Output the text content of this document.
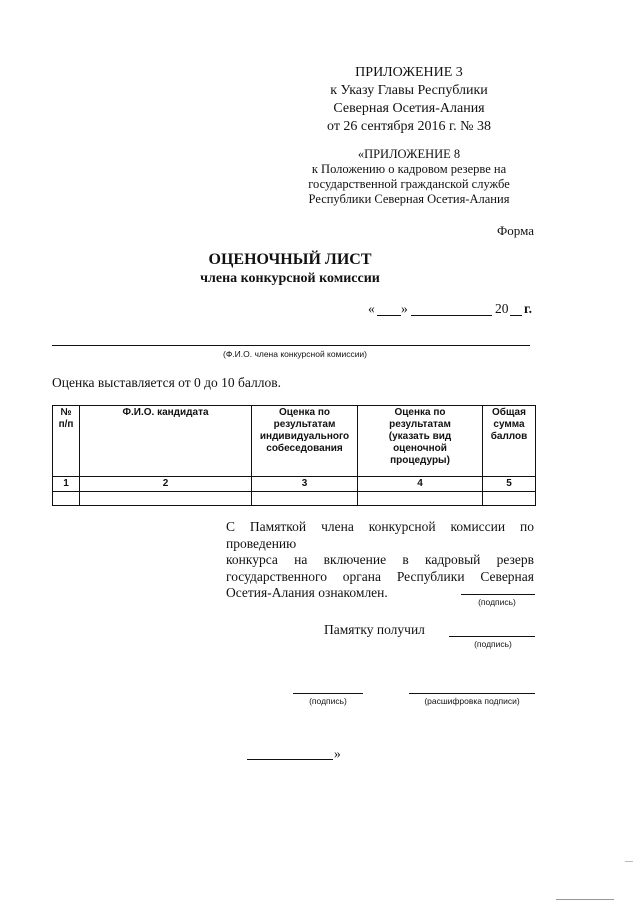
ПРИЛОЖЕНИЕ 3
к Указу Главы Республики
Северная Осетия-Алания
от 26 сентября 2016 г. № 38
«ПРИЛОЖЕНИЕ 8
к Положению о кадровом резерве на
государственной гражданской службе
Республики Северная Осетия-Алания
Форма
ОЦЕНОЧНЫЙ ЛИСТ
члена конкурсной комиссии
« »	20 г.
(Ф.И.О. члена конкурсной комиссии)
Оценка выставляется от 0 до 10 баллов.
№ п/п	Ф.И.О. кандидата	Оценка по результатам индивидуального собеседования	Оценка по результатам (указать вид оценочной процедуры)	Общая сумма баллов
1	2	3	4	5

С Памяткой члена конкурсной комиссии по проведению
конкурса на включение в кадровый резерв
государственного органа Республики Северная
Осетия-Алания ознакомлен.
(подпись)
Памятку получил
(подпись)
(подпись)	(расшифровка подписи)
»
